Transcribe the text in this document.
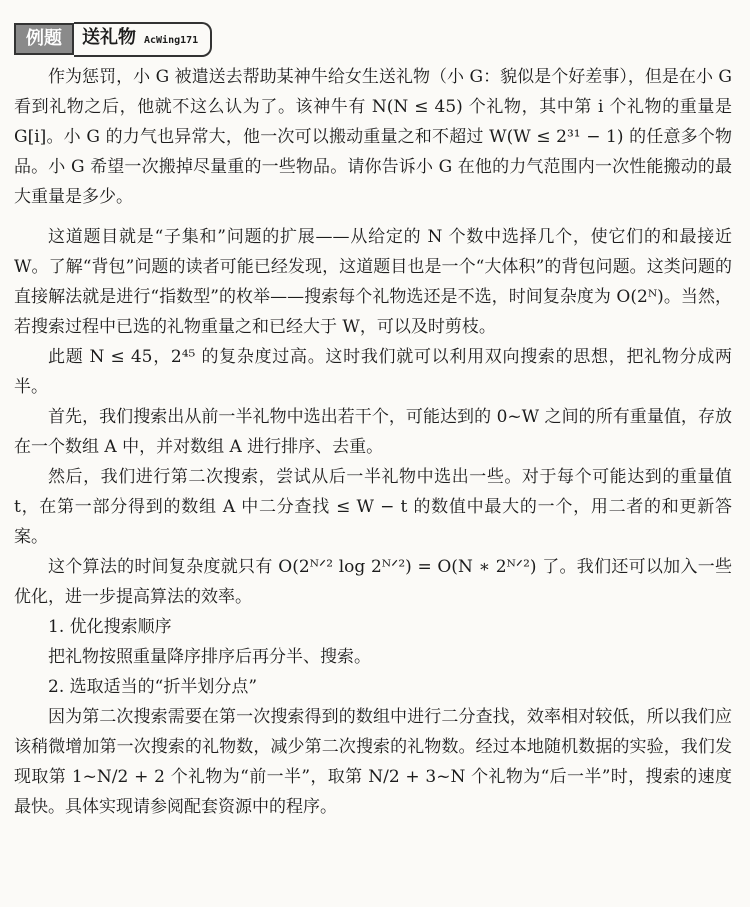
例题	送礼物 AcWing171

作为惩罚，小 G 被遣送去帮助某神牛给女生送礼物（小 G：貌似是个好差事），但是在小 G 看到礼物之后，他就不这么认为了。该神牛有 N(N ≤ 45) 个礼物，其中第 i 个礼物的重量是 G[i]。小 G 的力气也异常大，他一次可以搬动重量之和不超过 W(W ≤ 2³¹ − 1) 的任意多个物品。小 G 希望一次搬掉尽量重的一些物品。请你告诉小 G 在他的力气范围内一次性能搬动的最大重量是多少。

这道题目就是“子集和”问题的扩展——从给定的 N 个数中选择几个，使它们的和最接近 W。了解“背包”问题的读者可能已经发现，这道题目也是一个“大体积”的背包问题。这类问题的直接解法就是进行“指数型”的枚举——搜索每个礼物选还是不选，时间复杂度为 O(2ᴺ)。当然，若搜索过程中已选的礼物重量之和已经大于 W，可以及时剪枝。

此题 N ≤ 45，2⁴⁵ 的复杂度过高。这时我们就可以利用双向搜索的思想，把礼物分成两半。

首先，我们搜索出从前一半礼物中选出若干个，可能达到的 0~W 之间的所有重量值，存放在一个数组 A 中，并对数组 A 进行排序、去重。

然后，我们进行第二次搜索，尝试从后一半礼物中选出一些。对于每个可能达到的重量值 t，在第一部分得到的数组 A 中二分查找 ≤ W − t 的数值中最大的一个，用二者的和更新答案。

这个算法的时间复杂度就只有 O(2ᴺᐟ² log 2ᴺᐟ²) = O(N ∗ 2ᴺᐟ²) 了。我们还可以加入一些优化，进一步提高算法的效率。

1. 优化搜索顺序

把礼物按照重量降序排序后再分半、搜索。

2. 选取适当的“折半划分点”

因为第二次搜索需要在第一次搜索得到的数组中进行二分查找，效率相对较低，所以我们应该稍微增加第一次搜索的礼物数，减少第二次搜索的礼物数。经过本地随机数据的实验，我们发现取第 1~N/2 + 2 个礼物为“前一半”，取第 N/2 + 3~N 个礼物为“后一半”时，搜索的速度最快。具体实现请参阅配套资源中的程序。
